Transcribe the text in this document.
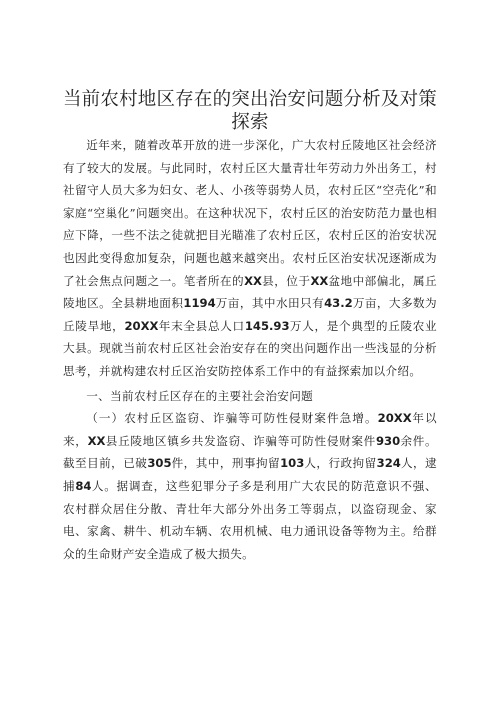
当前农村地区存在的突出治安问题分析及对策
探索

近年来，随着改革开放的进一步深化，广大农村丘陵地区社会经济有了较大的发展。与此同时，农村丘区大量青壮年劳动力外出务工，村社留守人员大多为妇女、老人、小孩等弱势人员，农村丘区“空壳化”和家庭“空巢化”问题突出。在这种状况下，农村丘区的治安防范力量也相应下降，一些不法之徒就把目光瞄准了农村丘区，农村丘区的治安状况也因此变得愈加复杂，问题也越来越突出。农村丘区治安状况逐渐成为了社会焦点问题之一。笔者所在的XX县，位于XX盆地中部偏北，属丘陵地区。全县耕地面积1194万亩，其中水田只有43.2万亩，大多数为丘陵旱地，20XX年末全县总人口145.93万人，是个典型的丘陵农业大县。现就当前农村丘区社会治安存在的突出问题作出一些浅显的分析思考，并就构建农村丘区治安防控体系工作中的有益探索加以介绍。

一、当前农村丘区存在的主要社会治安问题

（一）农村丘区盗窃、诈骗等可防性侵财案件急增。20XX年以来，XX县丘陵地区镇乡共发盗窃、诈骗等可防性侵财案件930余件。截至目前，已破305件，其中，刑事拘留103人，行政拘留324人，逮捕84人。据调查，这些犯罪分子多是利用广大农民的防范意识不强、农村群众居住分散、青壮年大部分外出务工等弱点，以盗窃现金、家电、家禽、耕牛、机动车辆、农用机械、电力通讯设备等物为主。给群众的生命财产安全造成了极大损失。
